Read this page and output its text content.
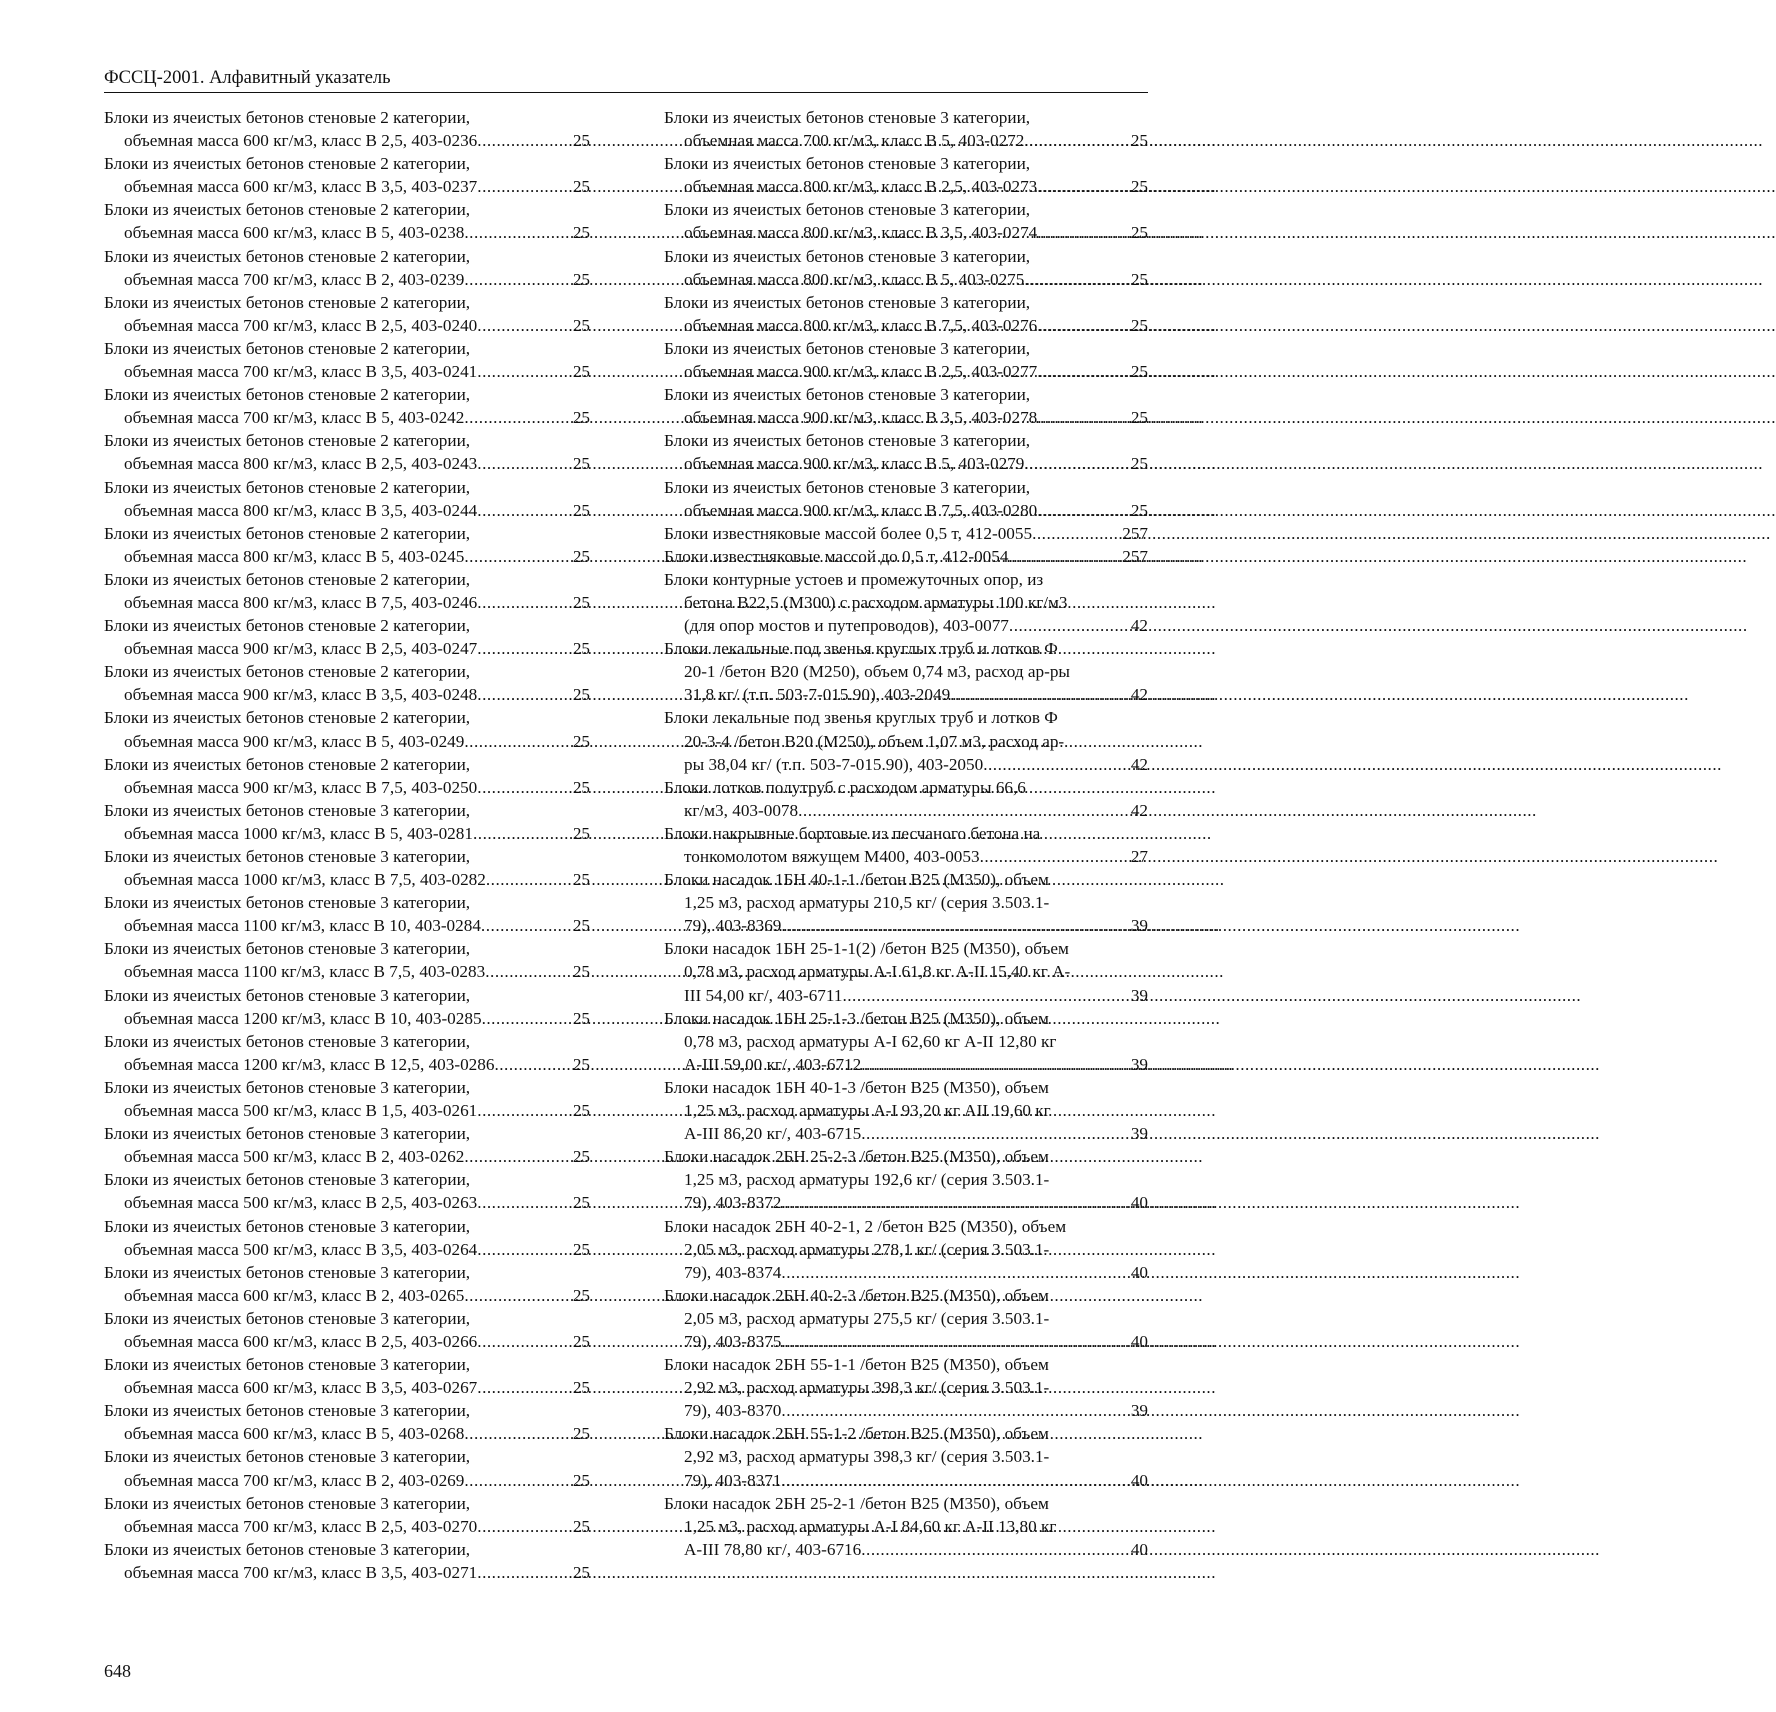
ФССЦ-2001. Алфавитный указатель
Блоки из ячеистых бетонов стеновые 2 категории,
объемная масса 600 кг/м3, класс В 2,5, 403-0236 .....	25
Блоки из ячеистых бетонов стеновые 2 категории,
объемная масса 600 кг/м3, класс В 3,5, 403-0237 .....	25
Блоки из ячеистых бетонов стеновые 2 категории,
объемная масса 600 кг/м3, класс В 5, 403-0238 .....	25
Блоки из ячеистых бетонов стеновые 2 категории,
объемная масса 700 кг/м3, класс В 2, 403-0239 .....	25
Блоки из ячеистых бетонов стеновые 2 категории,
объемная масса 700 кг/м3, класс В 2,5, 403-0240 .....	25
Блоки из ячеистых бетонов стеновые 2 категории,
объемная масса 700 кг/м3, класс В 3,5, 403-0241 .....	25
Блоки из ячеистых бетонов стеновые 2 категории,
объемная масса 700 кг/м3, класс В 5, 403-0242 .....	25
Блоки из ячеистых бетонов стеновые 2 категории,
объемная масса 800 кг/м3, класс В 2,5, 403-0243 .....	25
Блоки из ячеистых бетонов стеновые 2 категории,
объемная масса 800 кг/м3, класс В 3,5, 403-0244 .....	25
Блоки из ячеистых бетонов стеновые 2 категории,
объемная масса 800 кг/м3, класс В 5, 403-0245 .....	25
Блоки из ячеистых бетонов стеновые 2 категории,
объемная масса 800 кг/м3, класс В 7,5, 403-0246 .....	25
Блоки из ячеистых бетонов стеновые 2 категории,
объемная масса 900 кг/м3, класс В 2,5, 403-0247 .....	25
Блоки из ячеистых бетонов стеновые 2 категории,
объемная масса 900 кг/м3, класс В 3,5, 403-0248 .....	25
Блоки из ячеистых бетонов стеновые 2 категории,
объемная масса 900 кг/м3, класс В 5, 403-0249 .....	25
Блоки из ячеистых бетонов стеновые 2 категории,
объемная масса 900 кг/м3, класс В 7,5, 403-0250 .....	25
Блоки из ячеистых бетонов стеновые 3 категории,
объемная масса 1000 кг/м3, класс В 5, 403-0281 .....	25
Блоки из ячеистых бетонов стеновые 3 категории,
объемная масса 1000 кг/м3, класс В 7,5, 403-0282 .....	25
Блоки из ячеистых бетонов стеновые 3 категории,
объемная масса 1100 кг/м3, класс В 10, 403-0284 .....	25
Блоки из ячеистых бетонов стеновые 3 категории,
объемная масса 1100 кг/м3, класс В 7,5, 403-0283 .....	25
Блоки из ячеистых бетонов стеновые 3 категории,
объемная масса 1200 кг/м3, класс В 10, 403-0285 .....	25
Блоки из ячеистых бетонов стеновые 3 категории,
объемная масса 1200 кг/м3, класс В 12,5, 403-0286 .....	25
Блоки из ячеистых бетонов стеновые 3 категории,
объемная масса 500 кг/м3, класс В 1,5, 403-0261 .....	25
Блоки из ячеистых бетонов стеновые 3 категории,
объемная масса 500 кг/м3, класс В 2, 403-0262 .....	25
Блоки из ячеистых бетонов стеновые 3 категории,
объемная масса 500 кг/м3, класс В 2,5, 403-0263 .....	25
Блоки из ячеистых бетонов стеновые 3 категории,
объемная масса 500 кг/м3, класс В 3,5, 403-0264 .....	25
Блоки из ячеистых бетонов стеновые 3 категории,
объемная масса 600 кг/м3, класс В 2, 403-0265 .....	25
Блоки из ячеистых бетонов стеновые 3 категории,
объемная масса 600 кг/м3, класс В 2,5, 403-0266 .....	25
Блоки из ячеистых бетонов стеновые 3 категории,
объемная масса 600 кг/м3, класс В 3,5, 403-0267 .....	25
Блоки из ячеистых бетонов стеновые 3 категории,
объемная масса 600 кг/м3, класс В 5, 403-0268 .....	25
Блоки из ячеистых бетонов стеновые 3 категории,
объемная масса 700 кг/м3, класс В 2, 403-0269 .....	25
Блоки из ячеистых бетонов стеновые 3 категории,
объемная масса 700 кг/м3, класс В 2,5, 403-0270 .....	25
Блоки из ячеистых бетонов стеновые 3 категории,
объемная масса 700 кг/м3, класс В 3,5, 403-0271 .....	25
Блоки из ячеистых бетонов стеновые 3 категории,
объемная масса 700 кг/м3, класс В 5, 403-0272 .....	25
Блоки из ячеистых бетонов стеновые 3 категории,
объемная масса 800 кг/м3, класс В 2,5, 403-0273 .....	25
Блоки из ячеистых бетонов стеновые 3 категории,
объемная масса 800 кг/м3, класс В 3,5, 403-0274 .....	25
Блоки из ячеистых бетонов стеновые 3 категории,
объемная масса 800 кг/м3, класс В 5, 403-0275 .....	25
Блоки из ячеистых бетонов стеновые 3 категории,
объемная масса 800 кг/м3, класс В 7,5, 403-0276 .....	25
Блоки из ячеистых бетонов стеновые 3 категории,
объемная масса 900 кг/м3, класс В 2,5, 403-0277 .....	25
Блоки из ячеистых бетонов стеновые 3 категории,
объемная масса 900 кг/м3, класс В 3,5, 403-0278 .....	25
Блоки из ячеистых бетонов стеновые 3 категории,
объемная масса 900 кг/м3, класс В 5, 403-0279 .....	25
Блоки из ячеистых бетонов стеновые 3 категории,
объемная масса 900 кг/м3, класс В 7,5, 403-0280 .....	25
Блоки известняковые массой более 0,5 т, 412-0055 .....	257
Блоки известняковые массой до 0,5 т, 412-0054 .....	257
Блоки контурные устоев и промежуточных опор, из
бетона В22,5 (М300) с расходом арматуры 100 кг/м3
(для опор мостов и путепроводов), 403-0077 .....	42
Блоки лекальные под звенья круглых труб и лотков Ф
20-1 /бетон В20 (М250), объем 0,74 м3, расход ар-ры
31,8 кг/ (т.п. 503-7-015.90), 403-2049 .....	42
Блоки лекальные под звенья круглых труб и лотков Ф
20-3-4 /бетон В20 (М250), объем 1,07 м3, расход ар-
ры 38,04 кг/ (т.п. 503-7-015.90), 403-2050 .....	42
Блоки лотков полутруб с расходом арматуры 66,6
кг/м3, 403-0078 .....	42
Блоки накрывные бортовые из песчаного бетона на
тонкомолотом вяжущем М400, 403-0053 .....	27
Блоки насадок 1БН 40-1-1 /бетон В25 (М350), объем
1,25 м3, расход арматуры 210,5 кг/ (серия 3.503.1-
79), 403-8369 .....	39
Блоки насадок 1БН 25-1-1(2) /бетон В25 (М350), объем
0,78 м3, расход арматуры А-I 61,8 кг А-II 15,40 кг А-
III 54,00 кг/, 403-6711 .....	39
Блоки насадок 1БН 25-1-3 /бетон В25 (М350), объем
0,78 м3, расход арматуры А-I 62,60 кг А-II 12,80 кг
А-III 59,00 кг/, 403-6712 .....	39
Блоки насадок 1БН 40-1-3 /бетон В25 (М350), объем
1,25 м3, расход арматуры А-I 93,20 кг АII 19,60 кг
А-III 86,20 кг/, 403-6715 .....	39
Блоки насадок 2БН 25-2-3 /бетон В25 (М350), объем
1,25 м3, расход арматуры 192,6 кг/ (серия 3.503.1-
79), 403-8372 .....	40
Блоки насадок 2БН 40-2-1, 2 /бетон В25 (М350), объем
2,05 м3, расход арматуры 278,1 кг/ (серия 3.503.1-
79), 403-8374 .....	40
Блоки насадок 2БН 40-2-3 /бетон В25 (М350), объем
2,05 м3, расход арматуры 275,5 кг/ (серия 3.503.1-
79), 403-8375 .....	40
Блоки насадок 2БН 55-1-1 /бетон В25 (М350), объем
2,92 м3, расход арматуры 398,3 кг/ (серия 3.503.1-
79), 403-8370 .....	39
Блоки насадок 2БН 55-1-2 /бетон В25 (М350), объем
2,92 м3, расход арматуры 398,3 кг/ (серия 3.503.1-
79), 403-8371 .....	40
Блоки насадок 2БН 25-2-1 /бетон В25 (М350), объем
1,25 м3, расход арматуры А-I 84,60 кг А-II 13,80 кг
А-III 78,80 кг/, 403-6716 .....	40
648
